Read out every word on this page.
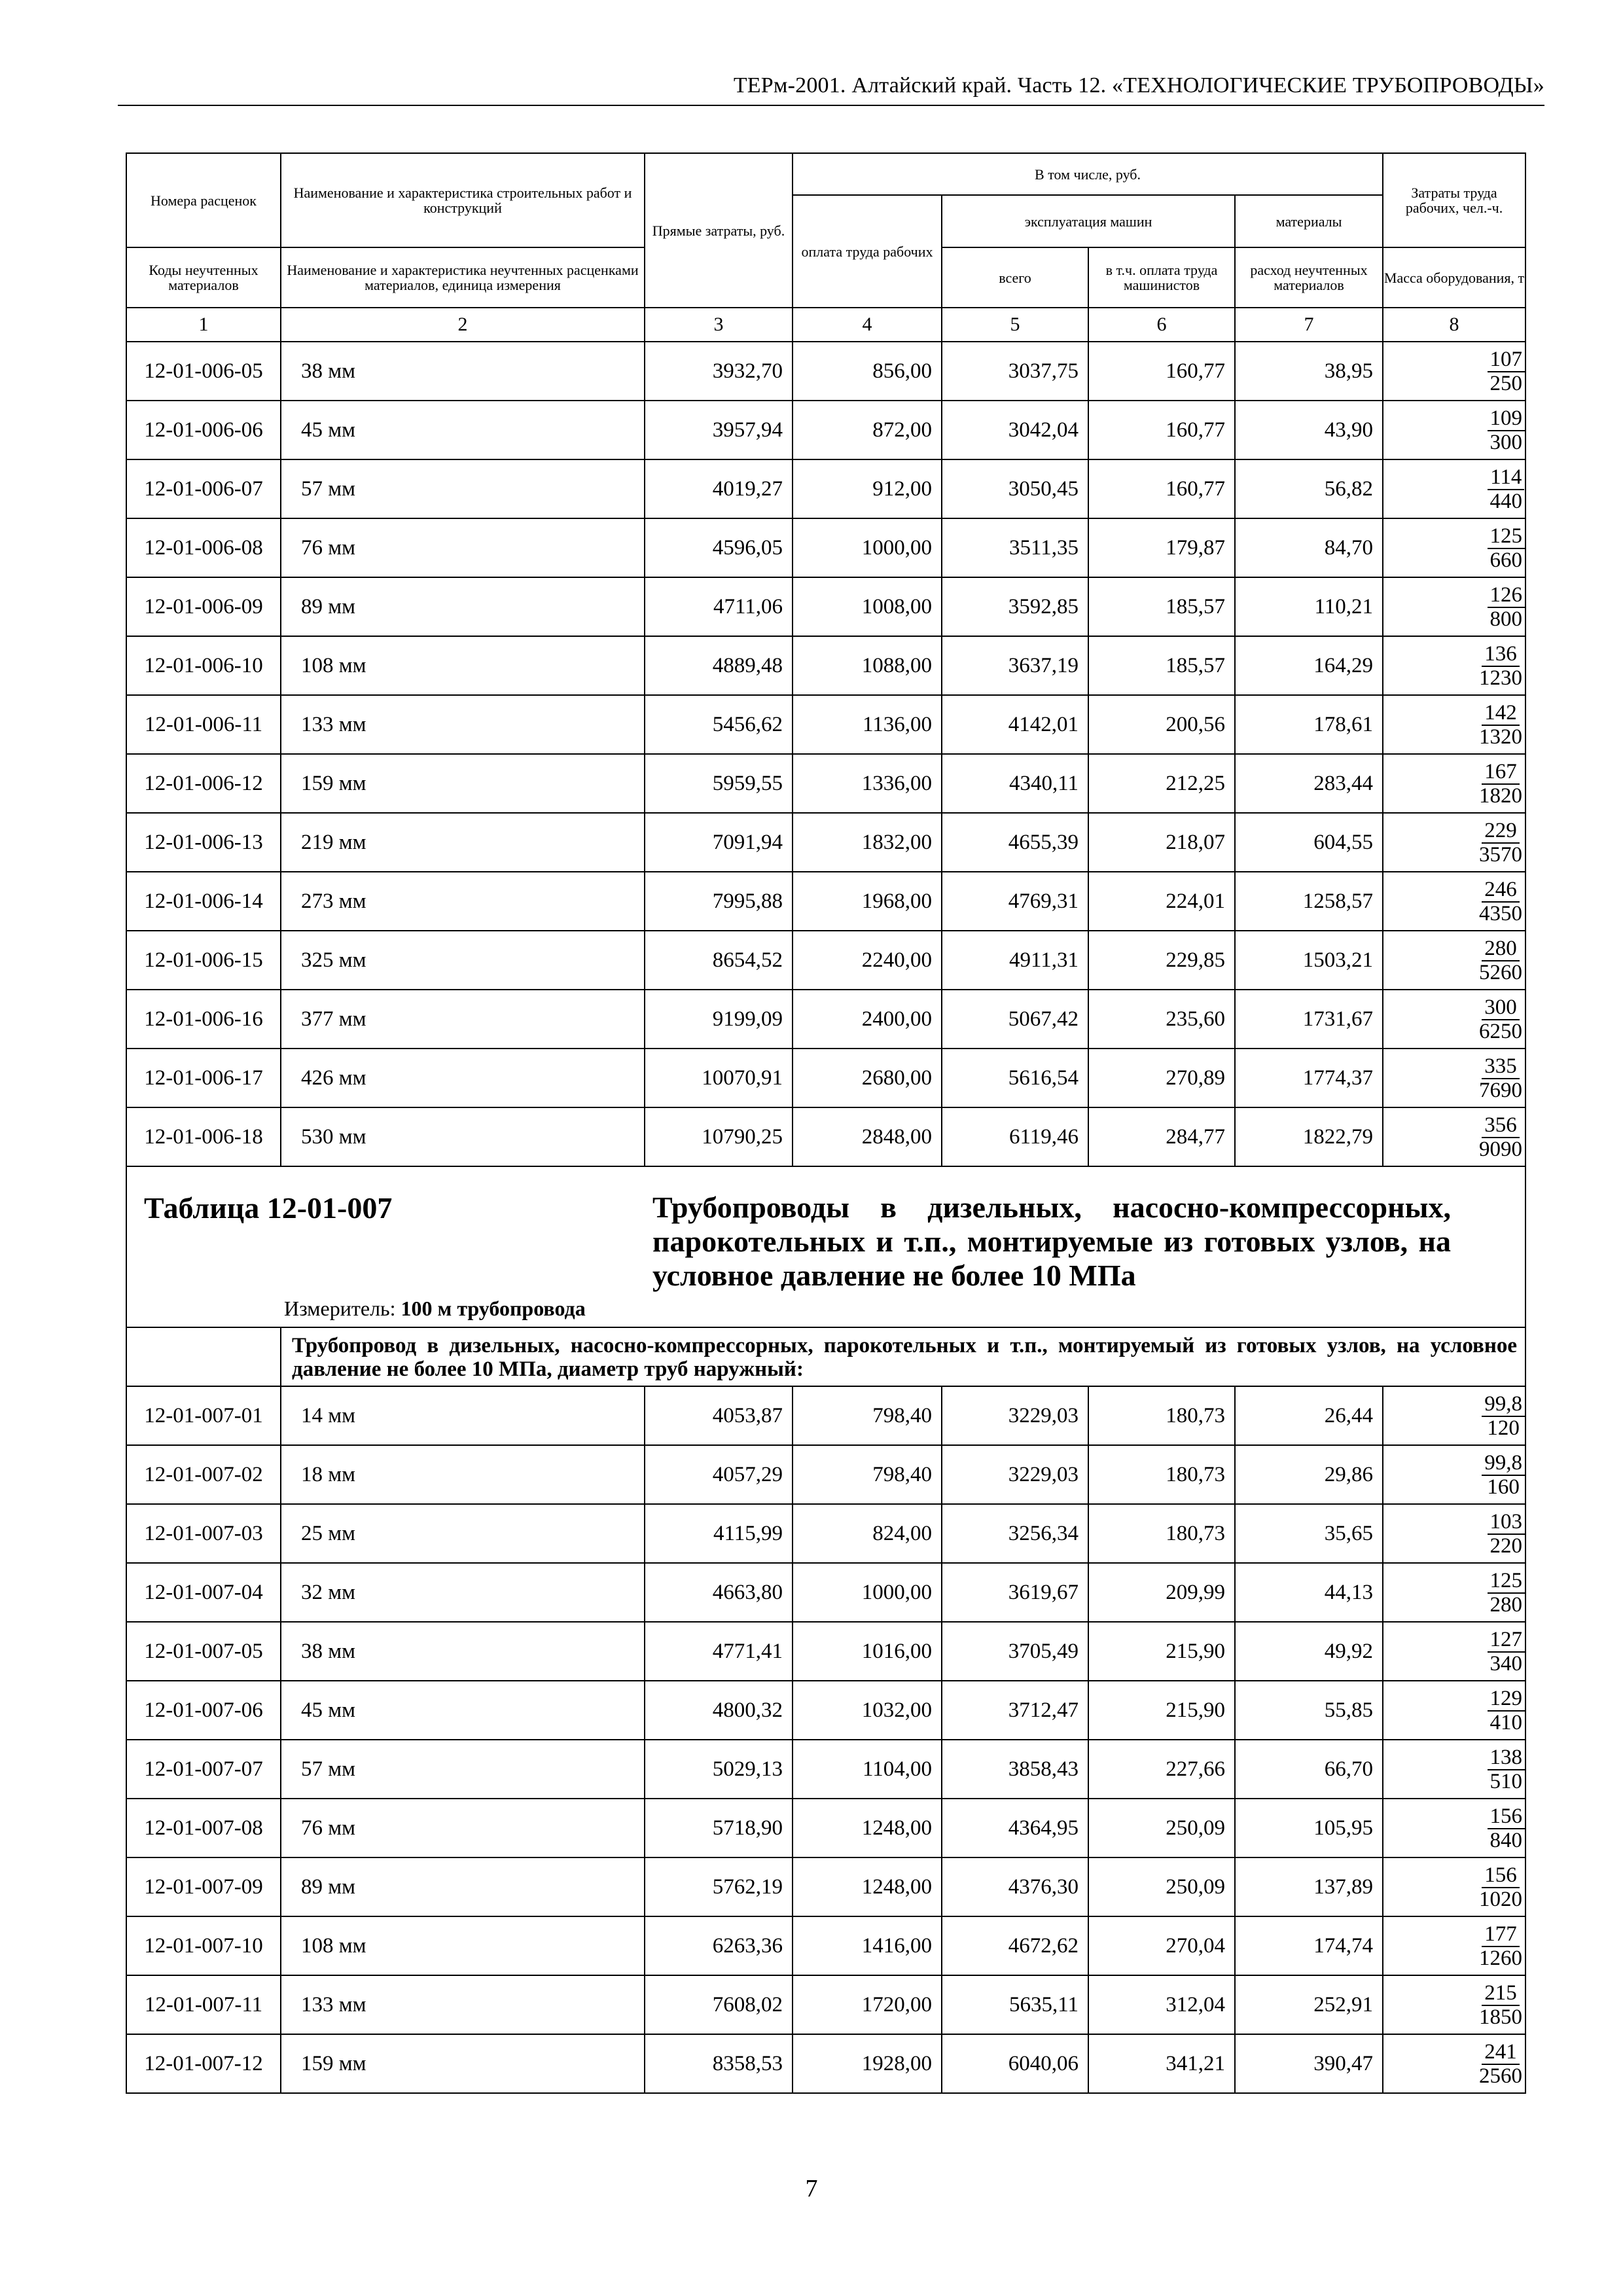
ТЕРм-2001. Алтайский край. Часть 12. «ТЕХНОЛОГИЧЕСКИЕ ТРУБОПРОВОДЫ»
Номера расценок	Наименование и характеристика строительных работ и конструкций	Прямые затраты, руб.	В том числе, руб.				Затраты труда рабочих, чел.-ч.
			оплата труда рабочих	эксплуатация машин		материалы	
Коды неучтенных материалов	Наименование и характеристика неучтенных расценками материалов, единица измерения			всего	в т.ч. оплата труда машинистов	расход неучтенных материалов	Масса оборудования, т
1	2	3	4	5	6	7	8
12-01-006-05	38 мм	3932,70	856,00	3037,75	160,77	38,95	$\frac{107}{250}$

12-01-006-06	45 мм	3957,94	872,00	3042,04	160,77	43,90	$\frac{109}{300}$

12-01-006-07	57 мм	4019,27	912,00	3050,45	160,77	56,82	$\frac{114}{440}$

12-01-006-08	76 мм	4596,05	1000,00	3511,35	179,87	84,70	$\frac{125}{660}$

12-01-006-09	89 мм	4711,06	1008,00	3592,85	185,57	110,21	$\frac{126}{800}$

12-01-006-10	108 мм	4889,48	1088,00	3637,19	185,57	164,29	$\frac{136}{1230}$

12-01-006-11	133 мм	5456,62	1136,00	4142,01	200,56	178,61	$\frac{142}{1320}$

12-01-006-12	159 мм	5959,55	1336,00	4340,11	212,25	283,44	$\frac{167}{1820}$

12-01-006-13	219 мм	7091,94	1832,00	4655,39	218,07	604,55	$\frac{229}{3570}$

12-01-006-14	273 мм	7995,88	1968,00	4769,31	224,01	1258,57	$\frac{246}{4350}$

12-01-006-15	325 мм	8654,52	2240,00	4911,31	229,85	1503,21	$\frac{280}{5260}$

12-01-006-16	377 мм	9199,09	2400,00	5067,42	235,60	1731,67	$\frac{300}{6250}$

12-01-006-17	426 мм	10070,91	2680,00	5616,54	270,89	1774,37	$\frac{335}{7690}$

12-01-006-18	530 мм	10790,25	2848,00	6119,46	284,77	1822,79	$\frac{356}{9090}$

Таблица 12-01-007 Трубопроводы в дизельных, насосно-компрессорных, парокотельных и т.п., монтируемые из готовых узлов, на условное давление не более 10 МПа
Измеритель: 100 м трубопровода							

	Трубопровод в дизельных, насосно-компрессорных, парокотельных и т.п., монтируемый из готовых узлов, на условное давление не более 10 МПа, диаметр труб наружный:						
12-01-007-01	14 мм	4053,87	798,40	3229,03	180,73	26,44	$\frac{99,8}{120}$

12-01-007-02	18 мм	4057,29	798,40	3229,03	180,73	29,86	$\frac{99,8}{160}$

12-01-007-03	25 мм	4115,99	824,00	3256,34	180,73	35,65	$\frac{103}{220}$

12-01-007-04	32 мм	4663,80	1000,00	3619,67	209,99	44,13	$\frac{125}{280}$

12-01-007-05	38 мм	4771,41	1016,00	3705,49	215,90	49,92	$\frac{127}{340}$

12-01-007-06	45 мм	4800,32	1032,00	3712,47	215,90	55,85	$\frac{129}{410}$

12-01-007-07	57 мм	5029,13	1104,00	3858,43	227,66	66,70	$\frac{138}{510}$

12-01-007-08	76 мм	5718,90	1248,00	4364,95	250,09	105,95	$\frac{156}{840}$

12-01-007-09	89 мм	5762,19	1248,00	4376,30	250,09	137,89	$\frac{156}{1020}$

12-01-007-10	108 мм	6263,36	1416,00	4672,62	270,04	174,74	$\frac{177}{1260}$

12-01-007-11	133 мм	7608,02	1720,00	5635,11	312,04	252,91	$\frac{215}{1850}$

12-01-007-12	159 мм	8358,53	1928,00	6040,06	341,21	390,47	$\frac{241}{2560}$
7
